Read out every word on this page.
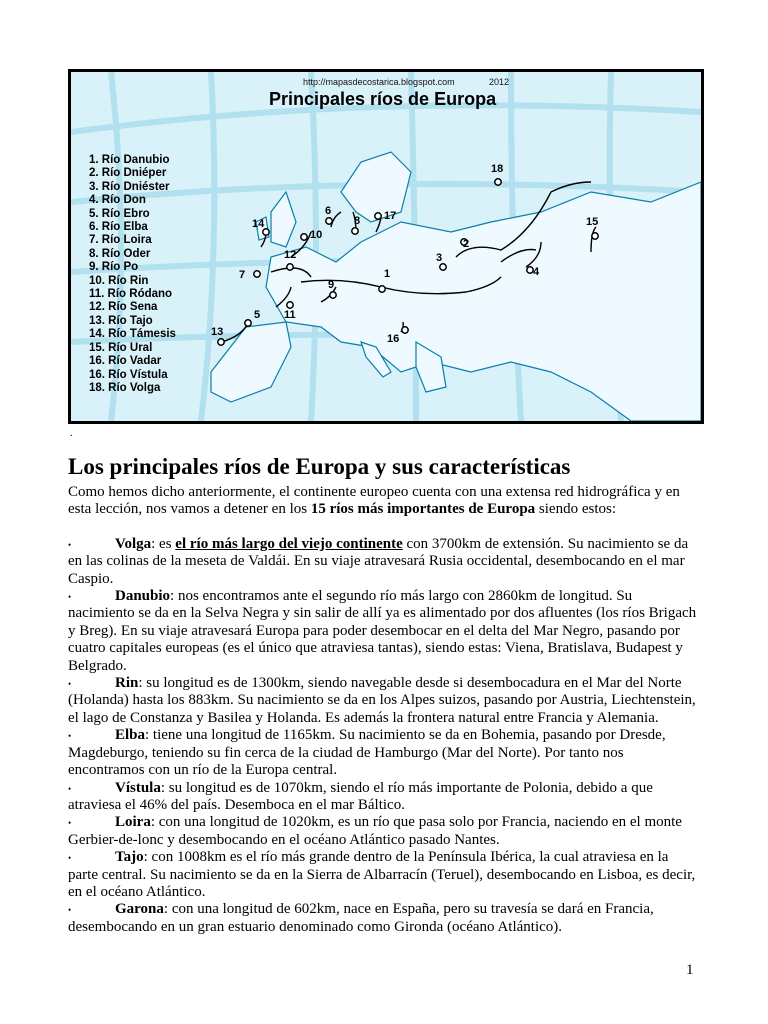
http://mapasdecostarica.blogspot.com	2012
Principales ríos de Europa
1. Río Danubio
2. Río Dniéper
3. Río Dniéster
4. Río Don
5. Río Ebro
6. Río Elba
7. Río Loira
8. Río Oder
9. Río Po
10. Río Rin
11. Río Ródano
12. Río Sena
13. Río Tajo
14. Río Támesis
15. Río Ural
16. Río Vadar
16. Río Vístula
18. Río Volga
1
2
3
4
5
6
7
8
9
10
11
12
13
14	15
16
17
18
.
Los principales ríos de Europa y sus características

Como hemos dicho anteriormente, el continente europeo cuenta con una extensa red hidrográfica y en esta lección, nos vamos a detener en los 15 ríos más importantes de Europa siendo estos:

•	Volga: es el río más largo del viejo continente con 3700km de extensión. Su nacimiento se da en las colinas de la meseta de Valdái. En su viaje atravesará Rusia occidental, desembocando en el mar Caspio.
•	Danubio: nos encontramos ante el segundo río más largo con 2860km de longitud. Su nacimiento se da en la Selva Negra y sin salir de allí ya es alimentado por dos afluentes (los ríos Brigach y Breg). En su viaje atravesará Europa para poder desembocar en el delta del Mar Negro, pasando por cuatro capitales europeas (es el único que atraviesa tantas), siendo estas: Viena, Bratislava, Budapest y Belgrado.
•	Rin: su longitud es de 1300km, siendo navegable desde si desembocadura en el Mar del Norte (Holanda) hasta los 883km. Su nacimiento se da en los Alpes suizos, pasando por Austria, Liechtenstein, el lago de Constanza y Basilea y Holanda. Es además la frontera natural entre Francia y Alemania.
•	Elba: tiene una longitud de 1165km. Su nacimiento se da en Bohemia, pasando por Dresde, Magdeburgo, teniendo su fin cerca de la ciudad de Hamburgo (Mar del Norte). Por tanto nos encontramos con un río de la Europa central.
•	Vístula: su longitud es de 1070km, siendo el río más importante de Polonia, debido a que atraviesa el 46% del país. Desemboca en el mar Báltico.
•	Loira: con una longitud de 1020km, es un río que pasa solo por Francia, naciendo en el monte Gerbier-de-lonc y desembocando en el océano Atlántico pasado Nantes.
•	Tajo: con 1008km es el río más grande dentro de la Península Ibérica, la cual atraviesa en la parte central. Su nacimiento se da en la Sierra de Albarracín (Teruel), desembocando en Lisboa, es decir, en el océano Atlántico.
•	Garona: con una longitud de 602km, nace en España, pero su travesía se dará en Francia, desembocando en un gran estuario denominado como Gironda (océano Atlántico).
1
